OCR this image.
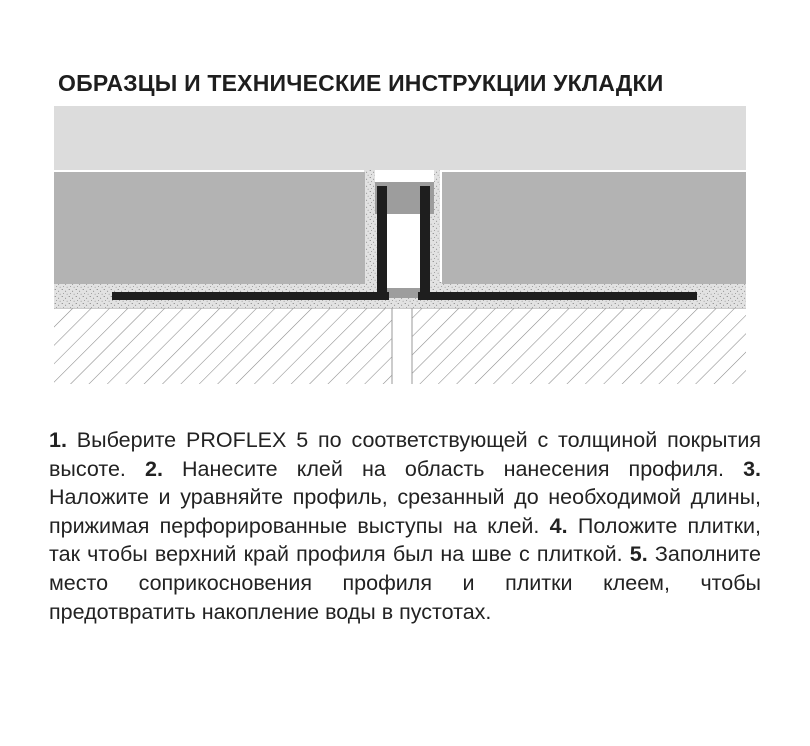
ОБРАЗЦЫ И ТЕХНИЧЕСКИЕ ИНСТРУКЦИИ УКЛАДКИ

1. Выберите PROFLEX 5 по соответствующей с толщиной покрытия высоте. 2. Нанесите клей на область нанесения профиля. 3. Наложите и уравняйте профиль, срезанный до необходимой длины, прижимая перфорированные выступы на клей. 4. Положите плитки, так чтобы верхний край профиля был на шве с плиткой. 5. Заполните место соприкосновения профиля и плитки клеем, чтобы предотвратить накопление воды в пустотах.
